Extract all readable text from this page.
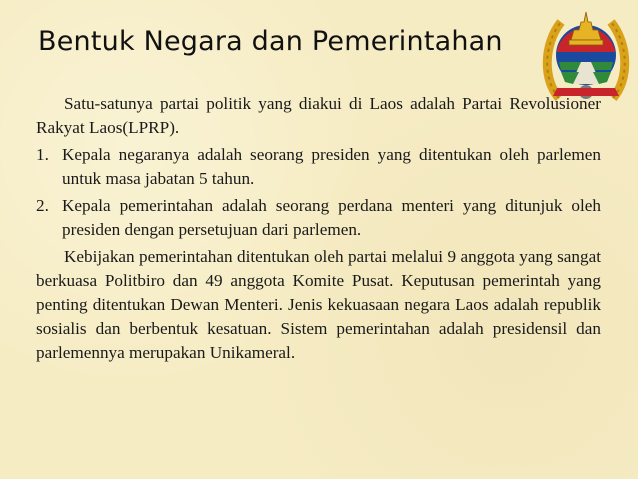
Bentuk Negara dan Pemerintahan

Satu-satunya partai politik yang diakui di Laos adalah Partai Revolusioner Rakyat Laos(LPRP).

1. Kepala negaranya adalah seorang presiden yang ditentukan oleh parlemen untuk masa jabatan 5 tahun.
2. Kepala pemerintahan adalah seorang perdana menteri yang ditunjuk oleh presiden dengan persetujuan dari parlemen.

Kebijakan pemerintahan ditentukan oleh partai melalui 9 anggota yang sangat berkuasa Politbiro dan 49 anggota Komite Pusat. Keputusan pemerintah yang penting ditentukan Dewan Menteri. Jenis kekuasaan negara Laos adalah republik sosialis dan berbentuk kesatuan. Sistem pemerintahan adalah presidensil dan parlemennya merupakan Unikameral.
